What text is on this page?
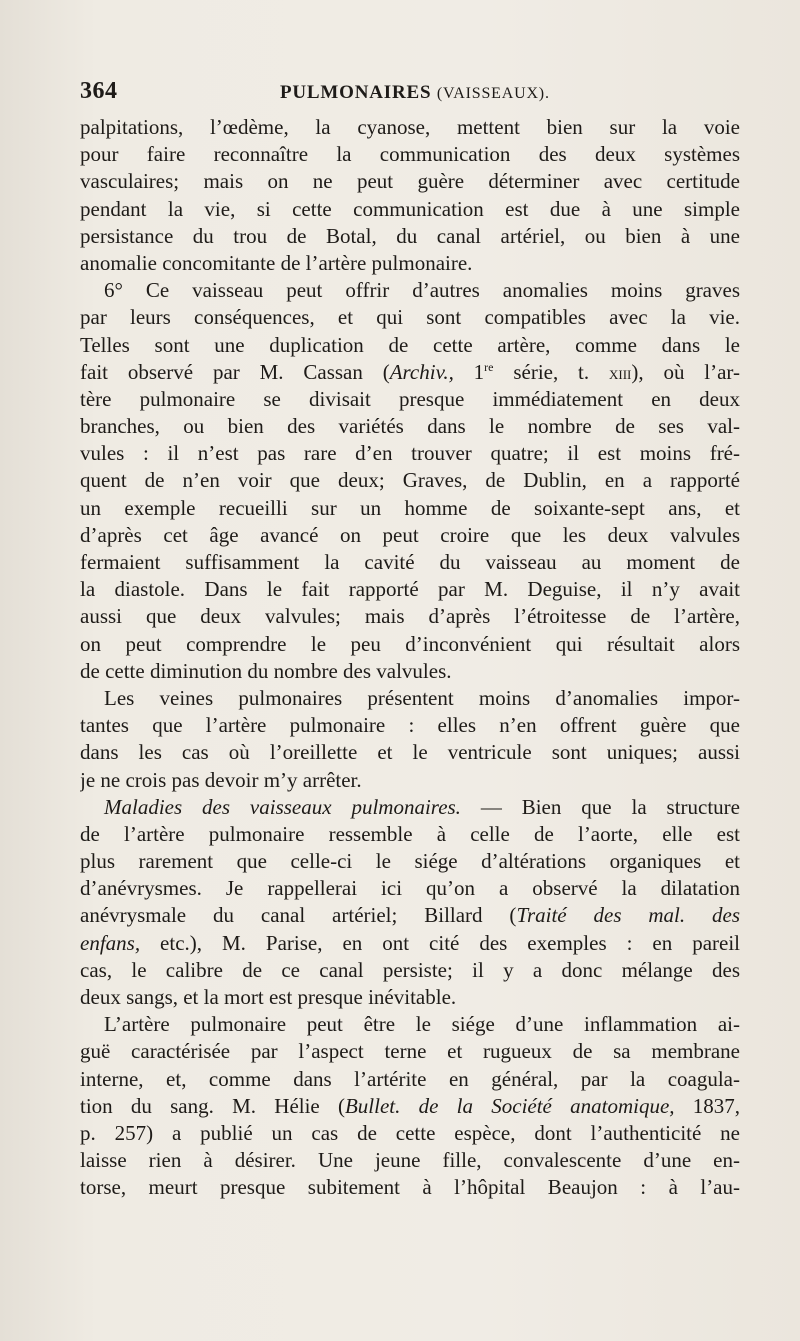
364	PULMONAIRES (VAISSEAUX).
palpitations, l’œdème, la cyanose, mettent bien sur la voie
pour faire reconnaître la communication des deux systèmes
vasculaires; mais on ne peut guère déterminer avec certitude
pendant la vie, si cette communication est due à une simple
persistance du trou de Botal, du canal artériel, ou bien à une
anomalie concomitante de l’artère pulmonaire.
6° Ce vaisseau peut offrir d’autres anomalies moins graves
par leurs conséquences, et qui sont compatibles avec la vie.
Telles sont une duplication de cette artère, comme dans le
fait observé par M. Cassan (Archiv., 1re série, t. xiii), où l’ar-
tère pulmonaire se divisait presque immédiatement en deux
branches, ou bien des variétés dans le nombre de ses val-
vules : il n’est pas rare d’en trouver quatre; il est moins fré-
quent de n’en voir que deux; Graves, de Dublin, en a rapporté
un exemple recueilli sur un homme de soixante-sept ans, et
d’après cet âge avancé on peut croire que les deux valvules
fermaient suffisamment la cavité du vaisseau au moment de
la diastole. Dans le fait rapporté par M. Deguise, il n’y avait
aussi que deux valvules; mais d’après l’étroitesse de l’artère,
on peut comprendre le peu d’inconvénient qui résultait alors
de cette diminution du nombre des valvules.
Les veines pulmonaires présentent moins d’anomalies impor-
tantes que l’artère pulmonaire : elles n’en offrent guère que
dans les cas où l’oreillette et le ventricule sont uniques; aussi
je ne crois pas devoir m’y arrêter.
Maladies des vaisseaux pulmonaires. — Bien que la structure
de l’artère pulmonaire ressemble à celle de l’aorte, elle est
plus rarement que celle-ci le siége d’altérations organiques et
d’anévrysmes. Je rappellerai ici qu’on a observé la dilatation
anévrysmale du canal artériel; Billard (Traité des mal. des
enfans, etc.), M. Parise, en ont cité des exemples : en pareil
cas, le calibre de ce canal persiste; il y a donc mélange des
deux sangs, et la mort est presque inévitable.
L’artère pulmonaire peut être le siége d’une inflammation ai-
guë caractérisée par l’aspect terne et rugueux de sa membrane
interne, et, comme dans l’artérite en général, par la coagula-
tion du sang. M. Hélie (Bullet. de la Société anatomique, 1837,
p. 257) a publié un cas de cette espèce, dont l’authenticité ne
laisse rien à désirer. Une jeune fille, convalescente d’une en-
torse, meurt presque subitement à l’hôpital Beaujon : à l’au-
